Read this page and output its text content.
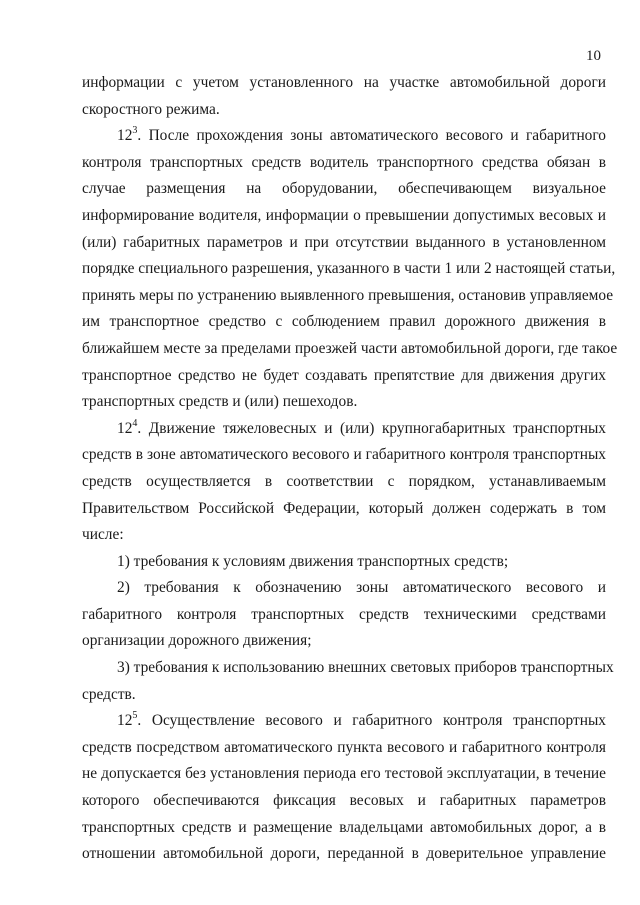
10
информации с учетом установленного на участке автомобильной дороги
скоростного режима.
$12^3$. После прохождения зоны автоматического весового и габаритного
контроля транспортных средств водитель транспортного средства обязан в
случае размещения на оборудовании, обеспечивающем визуальное
информирование водителя, информации о превышении допустимых весовых и
(или) габаритных параметров и при отсутствии выданного в установленном
порядке специального разрешения, указанного в части 1 или 2 настоящей статьи,
принять меры по устранению выявленного превышения, остановив управляемое
им транспортное средство с соблюдением правил дорожного движения в
ближайшем месте за пределами проезжей части автомобильной дороги, где такое
транспортное средство не будет создавать препятствие для движения других
транспортных средств и (или) пешеходов.
$12^4$. Движение тяжеловесных и (или) крупногабаритных транспортных
средств в зоне автоматического весового и габаритного контроля транспортных
средств осуществляется в соответствии с порядком, устанавливаемым
Правительством Российской Федерации, который должен содержать в том
числе:
1) требования к условиям движения транспортных средств;
2) требования к обозначению зоны автоматического весового и
габаритного контроля транспортных средств техническими средствами
организации дорожного движения;
3) требования к использованию внешних световых приборов транспортных
средств.
$12^5$. Осуществление весового и габаритного контроля транспортных
средств посредством автоматического пункта весового и габаритного контроля
не допускается без установления периода его тестовой эксплуатации, в течение
которого обеспечиваются фиксация весовых и габаритных параметров
транспортных средств и размещение владельцами автомобильных дорог, а в
отношении автомобильной дороги, переданной в доверительное управление
